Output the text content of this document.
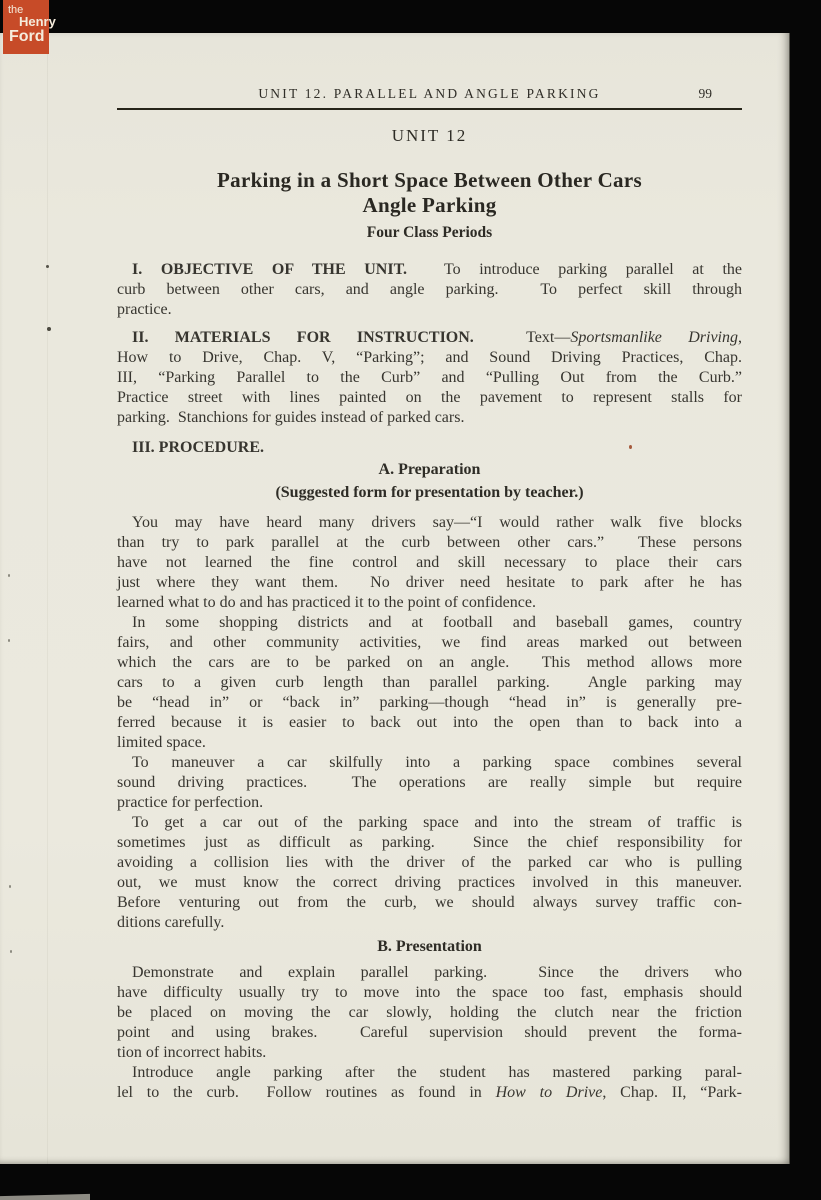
UNIT 12. PARALLEL AND ANGLE PARKING	99
UNIT 12
Parking in a Short Space Between Other Cars
Angle Parking
Four Class Periods

I. OBJECTIVE OF THE UNIT.  To introduce parking parallel at the
curb between other cars, and angle parking.  To perfect skill through
practice.

II. MATERIALS FOR INSTRUCTION.  Text—Sportsmanlike Driving,
How to Drive, Chap. V, “Parking”; and Sound Driving Practices, Chap.
III, “Parking Parallel to the Curb” and “Pulling Out from the Curb.”
Practice street with lines painted on the pavement to represent stalls for
parking.  Stanchions for guides instead of parked cars.

III. PROCEDURE.

A. Preparation
(Suggested form for presentation by teacher.)

You may have heard many drivers say—“I would rather walk five blocks
than try to park parallel at the curb between other cars.”  These persons
have not learned the fine control and skill necessary to place their cars
just where they want them.  No driver need hesitate to park after he has
learned what to do and has practiced it to the point of confidence.

In some shopping districts and at football and baseball games, country
fairs, and other community activities, we find areas marked out between
which the cars are to be parked on an angle.  This method allows more
cars to a given curb length than parallel parking.  Angle parking may
be “head in” or “back in” parking—though “head in” is generally pre-
ferred because it is easier to back out into the open than to back into a
limited space.

To maneuver a car skilfully into a parking space combines several
sound driving practices.  The operations are really simple but require
practice for perfection.

To get a car out of the parking space and into the stream of traffic is
sometimes just as difficult as parking.  Since the chief responsibility for
avoiding a collision lies with the driver of the parked car who is pulling
out, we must know the correct driving practices involved in this maneuver.
Before venturing out from the curb, we should always survey traffic con-
ditions carefully.

B. Presentation

Demonstrate and explain parallel parking.  Since the drivers who
have difficulty usually try to move into the space too fast, emphasis should
be placed on moving the car slowly, holding the clutch near the friction
point and using brakes.  Careful supervision should prevent the forma-
tion of incorrect habits.

Introduce angle parking after the student has mastered parking paral-
lel to the curb.  Follow routines as found in How to Drive, Chap. II, “Park-

the
Henry
Ford
